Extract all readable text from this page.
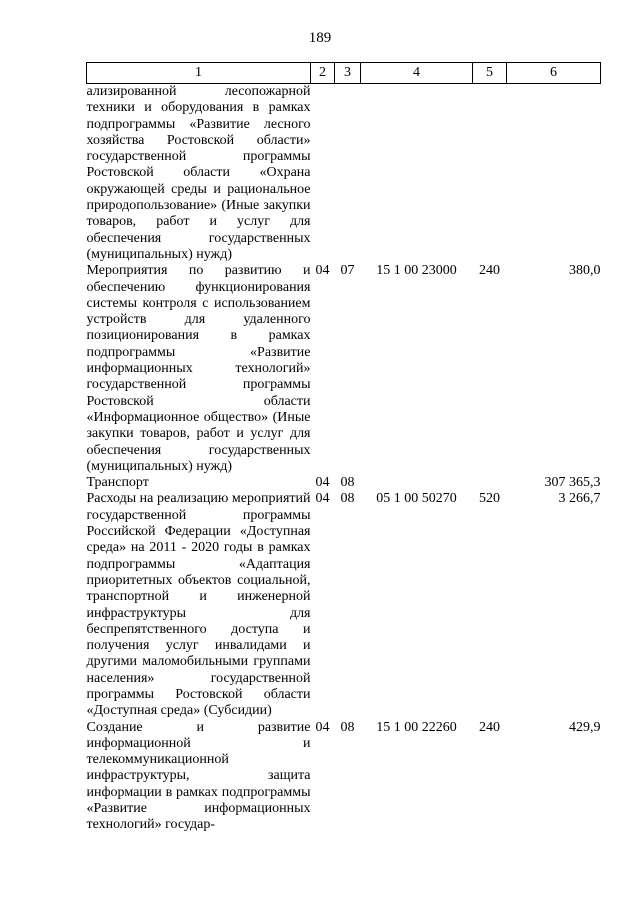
189
1	2	3	4	5	6
ализированной лесопожарной техники и оборудования в рамках подпрограммы «Развитие лесного хозяйства Ростовской области» государственной программы Ростовской области «Охрана окружающей среды и рациональное природопользование» (Иные закупки товаров, работ и услуг для обеспечения государственных (муниципальных) нужд)					
Мероприятия по развитию и обеспечению функционирования системы контроля с использованием устройств для удаленного позиционирования в рамках подпрограммы «Развитие информационных технологий» государственной программы Ростовской области «Информационное общество» (Иные закупки товаров, работ и услуг для обеспечения государственных (муниципальных) нужд)	04	07	15 1 00 23000	240	380,0
Транспорт	04	08			307 365,3
Расходы на реализацию мероприятий государственной программы Российской Федерации «Доступная среда» на 2011 - 2020 годы в рамках подпрограммы «Адаптация приоритетных объектов социальной, транспортной и инженерной инфраструктуры для беспрепятственного доступа и получения услуг инвалидами и другими маломобильными группами населения» государственной программы Ростовской области «Доступная среда» (Субсидии)	04	08	05 1 00 50270	520	3 266,7
Создание и развитие информационной и телекоммуникационной инфраструктуры, защита информации в рамках подпрограммы «Развитие информационных технологий» государ-	04	08	15 1 00 22260	240	429,9
